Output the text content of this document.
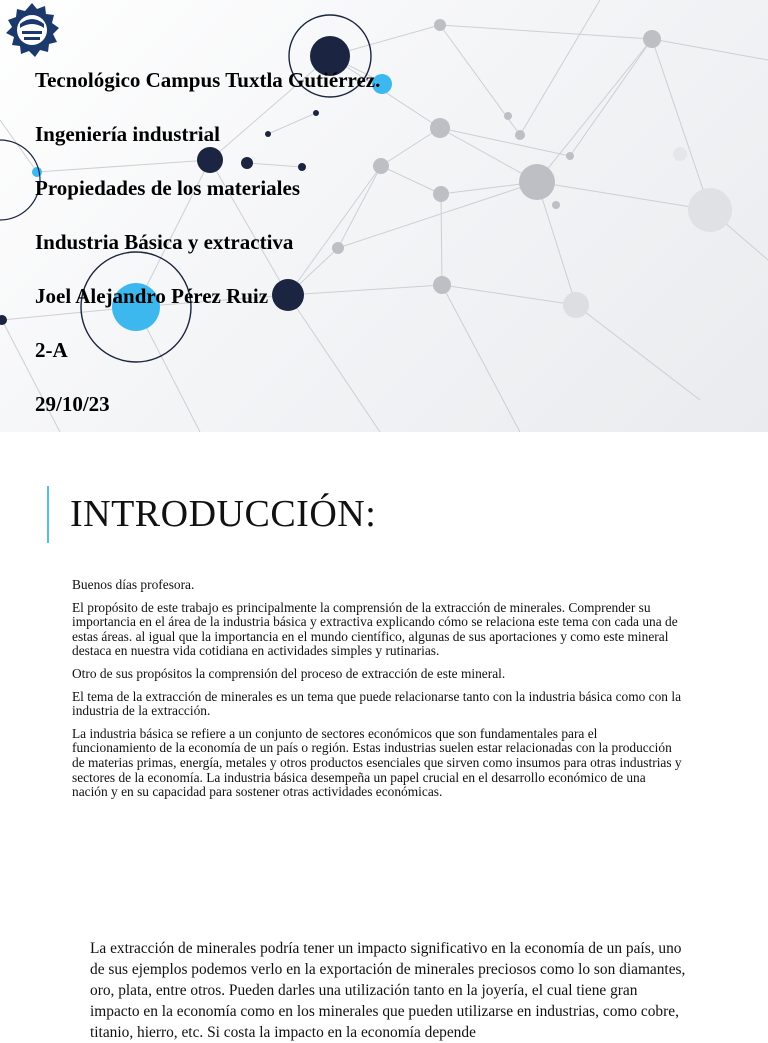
Tecnológico Campus Tuxtla Gutiérrez.
Ingeniería industrial
Propiedades de los materiales
Industria Básica y extractiva
Joel Alejandro Pérez Ruiz
2-A
29/10/23
INTRODUCCIÓN:

Buenos días profesora.

El propósito de este trabajo es principalmente la comprensión de la extracción de minerales. Comprender su importancia en el área de la industria básica y extractiva explicando cómo se relaciona este tema con cada una de estas áreas. al igual que la importancia en el mundo científico, algunas de sus aportaciones y como este mineral destaca en nuestra vida cotidiana en actividades simples y rutinarias.

Otro de sus propósitos la comprensión del proceso de extracción de este mineral.

El tema de la extracción de minerales es un tema que puede relacionarse tanto con la industria básica como con la industria de la extracción.

La industria básica se refiere a un conjunto de sectores económicos que son fundamentales para el funcionamiento de la economía de un país o región. Estas industrias suelen estar relacionadas con la producción de materias primas, energía, metales y otros productos esenciales que sirven como insumos para otras industrias y sectores de la economía. La industria básica desempeña un papel crucial en el desarrollo económico de una nación y en su capacidad para sostener otras actividades económicas.

La extracción de minerales podría tener un impacto significativo en la economía de un país, uno de sus ejemplos podemos verlo en la exportación de minerales preciosos como lo son diamantes, oro, plata, entre otros. Pueden darles una utilización tanto en la joyería, el cual tiene gran impacto en la economía como en los minerales que pueden utilizarse en industrias, como cobre, titanio, hierro, etc. Si costa la impacto en la economía depende
